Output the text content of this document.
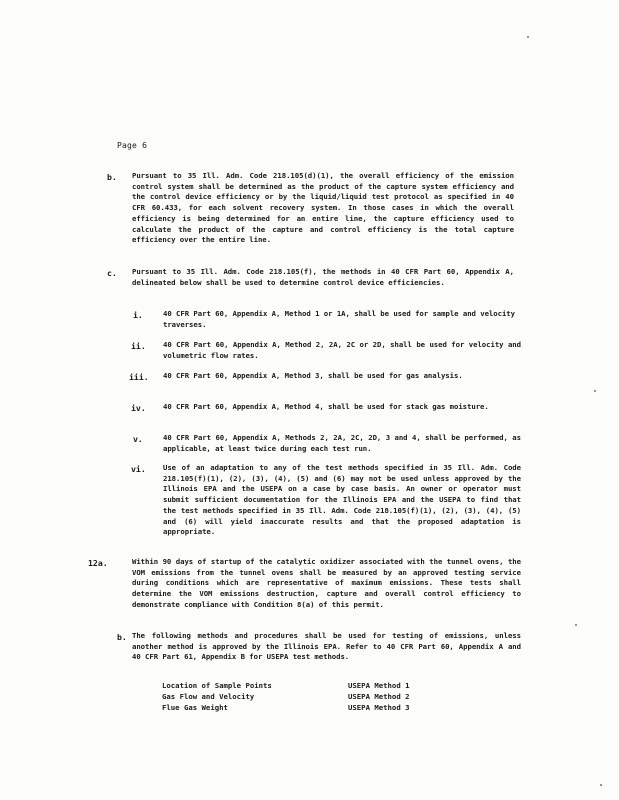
Page 6
b. Pursuant to 35 Ill. Adm. Code 218.105(d)(1), the overall efficiency of the emission control system shall be determined as the product of the capture system efficiency and the control device efficiency or by the liquid/liquid test protocol as specified in 40 CFR 60.433, for each solvent recovery system. In those cases in which the overall efficiency is being determined for an entire line, the capture efficiency used to calculate the product of the capture and control efficiency is the total capture efficiency over the entire line.
c. Pursuant to 35 Ill. Adm. Code 218.105(f), the methods in 40 CFR Part 60, Appendix A, delineated below shall be used to determine control device efficiencies.
i.	40 CFR Part 60, Appendix A, Method 1 or 1A, shall be used for sample and velocity traverses.
ii. 40 CFR Part 60, Appendix A, Method 2, 2A, 2C or 2D, shall be used for velocity and volumetric flow rates.
iii. 40 CFR Part 60, Appendix A, Method 3, shall be used for gas analysis.
iv. 40 CFR Part 60, Appendix A, Method 4, shall be used for stack gas moisture.
v.	40 CFR Part 60, Appendix A, Methods 2, 2A, 2C, 2D, 3 and 4, shall be performed, as applicable, at least twice during each test run.
vi. Use of an adaptation to any of the test methods specified in 35 Ill. Adm. Code 218.105(f)(1), (2), (3), (4), (5) and (6) may not be used unless approved by the Illinois EPA and the USEPA on a case by case basis. An owner or operator must submit sufficient documentation for the Illinois EPA and the USEPA to find that the test methods specified in 35 Ill. Adm. Code 218.105(f)(1), (2), (3), (4), (5) and (6) will yield inaccurate results and that the proposed adaptation is appropriate.
12a.	Within 90 days of startup of the catalytic oxidizer associated with the tunnel ovens, the VOM emissions from the tunnel ovens shall be measured by an approved testing service during conditions which are representative of maximum emissions. These tests shall determine the VOM emissions destruction, capture and overall control efficiency to demonstrate compliance with Condition 8(a) of this permit.
b. The following methods and procedures shall be used for testing of emissions, unless another method is approved by the Illinois EPA. Refer to 40 CFR Part 60, Appendix A and 40 CFR Part 61, Appendix B for USEPA test methods.
Location of Sample Points	USEPA Method 1
Gas Flow and Velocity	USEPA Method 2
Flue Gas Weight	USEPA Method 3
